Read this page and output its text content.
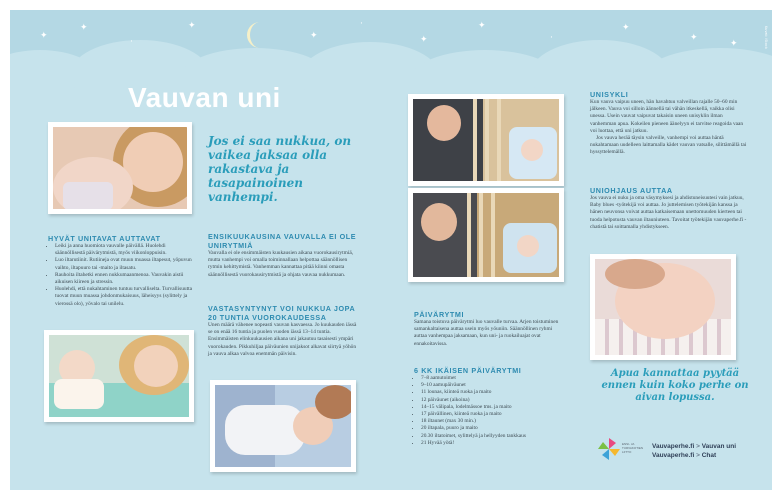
✦
✦
·
✦
✦
·
✦
✦
·
✦
✦
✦	Kuvat: iStock
Vauvan uni
Jos ei saa nukkua, on vaikea jaksaa olla rakastava ja tasapainoinen vanhempi.
HYVÄT UNITAVAT AUTTAVAT
• Leiki ja anna huomiota vauvalle päivällä. Huolehdi säännöllisestä päivärytmistä, myös viikonloppuisin.
• Luo iltarutiinit. Rutiineja ovat muun muassa iltapesut, yöpuvun vaihto, iltapuuro tai -maito ja iltasatu.
• Rauhoita iltahetki ennen nukkumaanmenoa. Vauvakin aistii aikuisen kiireen ja stressin.
• Huolehdi, että nukahtaminen tuntuu turvalliselta. Turvallisuutta tuovat muun muassa johdonmukaisuus, läheisyys (sylittely ja vierossä olo), yövalo tai unilelu.
ENSIKUUKAUSINA VAUVALLA EI OLE UNIRYTMIÄ
Vauvalla ei ole ensimmäisten kuukausien aikana vuorokausirytmiä, mutta vanhempi voi omalla toiminnallaan helpottaa säännöllisen rytmin kehittymistä. Vanhemman kannattaa pitää kiinni omasta säännöllisestä vuorokausirytmistä ja ohjata vauvaa nukkumaan.
VASTASYNTYNYT VOI NUKKUA JOPA 20 TUNTIA VUOROKAUDESSA
Unen määrä vähenee nopeasti vauvan kasvaessa. Jo kuukauden iässä se on enää 16 tuntia ja puolen vuoden iässä 13–14 tuntia. Ensimmäisten elinkuukausien aikana uni jakautuu tasaisesti ympäri vuorokauden. Pikkuhiljaa päiväunien unijaksot alkavat siirtyä yöhön ja vauva alkaa valvoa enemmän päivisin.
PÄIVÄRYTMI
Samana toistuva päivärytmi luo vauvalle turvaa. Arjen toistuminen samankaltaisena auttaa usein myös yöuniin. Säännöllinen ryhmi auttaa vanhempaa jaksamaan, kun uni- ja ruokailuajat ovat ennakoitavissa.
6 KK IKÄISEN PÄIVÄRYTMI
• 7–8 aamutoimet
• 9–10 aamupäiväunet
• 11 lounas, kiinteä ruoka ja maito
• 12 päiväunet (aikoina)
• 14–15 välipala, lodelmässoe tms. ja maito
• 17 päivällinen, kiinteä ruoka ja maito
• 18 iltaunet (max 30 min.)
• 20 iltapala, puuro ja maito
• 20.30 iltatoimet, sylittelyä ja hellyyden tankkaus
• 21 Hyvää yötä!
UNISYKLI
Kun vauva vaipuu uneen, hän havahtuu valveillan rajalle 50–60 min jälkeen. Vauva voi silloin äännellä tai vähän itkeskellä, vaikka olisi unessa. Usein vauvat vaipuvat takaisin uneen unisyklin ilman vanhemman apua. Kokeilen pieneen äänelyyn ei tarvitse reagoida vaan voi luottaa, että uni jatkuu.
Jos vauva herää täysin valveille, vanhempi voi auttaa häntä nukahtamaan uudelleen laittamalla kädet vauvan vatsalle, silittämällä tai hyssyttelemällä.
UNIOHJAUS AUTTAA
Jos vauva ei nuku ja oma väsymyksesi ja ahdistuneisuutesi vain jatkuu, Baby blues -työtekijä voi auttaa. Jo juttelemisen työtekijän kanssa ja hänen neuvonsa voivat auttaa katkaisemaan unettomuuden kierteen tai tuoda helpotusta vauvan iltauniuteen. Tavoitat työtekijän vauvaperhe.fi -chatistä tai soittamalla yhdistykseen.
Apua kannattaa pyytää ennen kuin koko perhe on aivan lopussa.
ENSI- JA TURVAKOTIEN LIITTO
Vauvaperhe.fi > Vauvan uni
Vauvaperhe.fi > Chat
